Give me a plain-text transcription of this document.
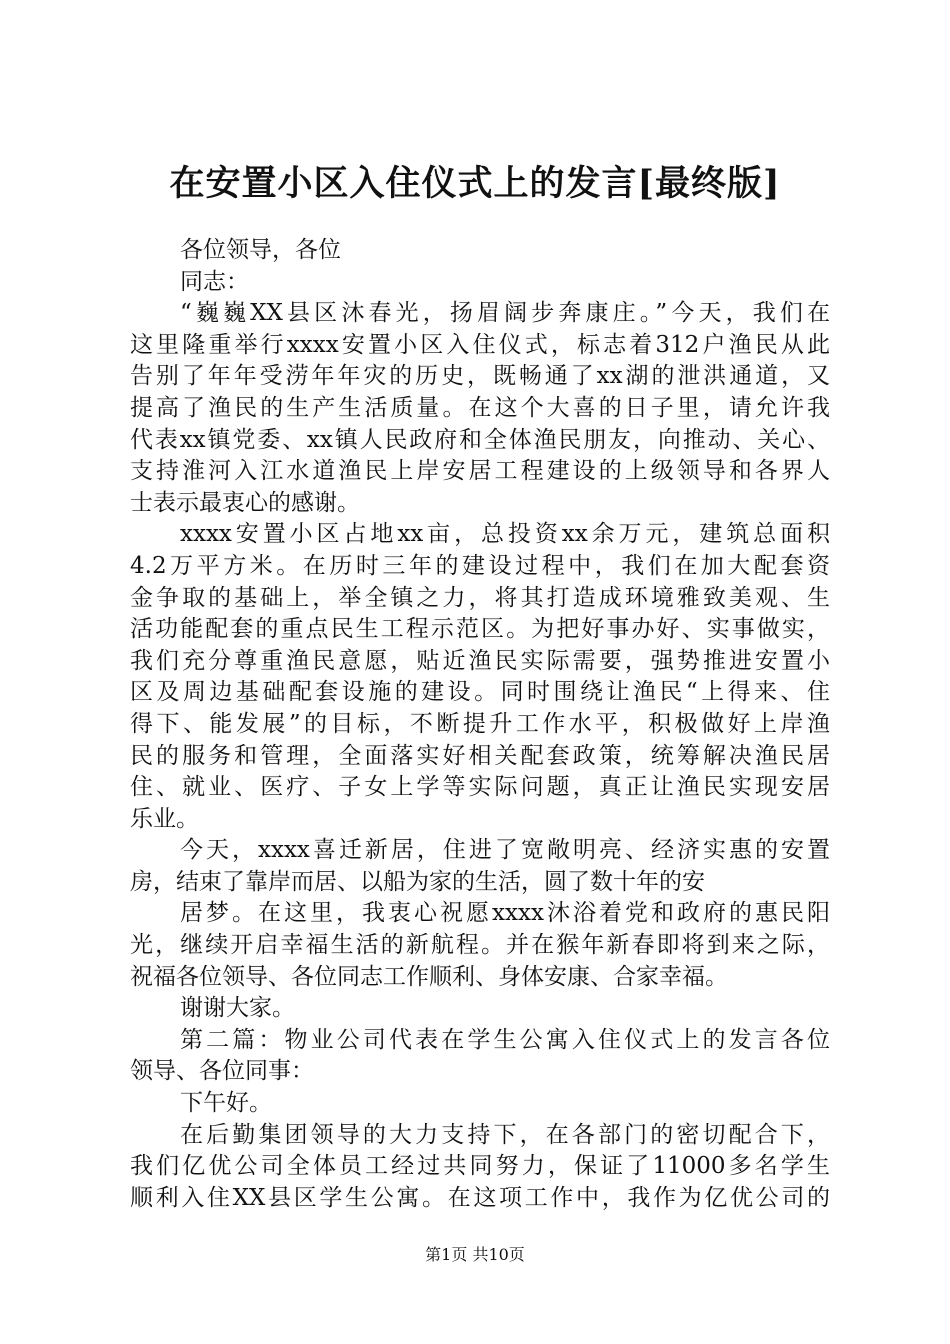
在安置小区入住仪式上的发言[最终版]
各位领导，各位
同志：
“巍巍XX县区沐春光，扬眉阔步奔康庄。”今天，我们在
这里隆重举行xxxx安置小区入住仪式，标志着312户渔民从此
告别了年年受涝年年灾的历史，既畅通了xx湖的泄洪通道，又
提高了渔民的生产生活质量。在这个大喜的日子里，请允许我
代表xx镇党委、xx镇人民政府和全体渔民朋友，向推动、关心、
支持淮河入江水道渔民上岸安居工程建设的上级领导和各界人
士表示最衷心的感谢。
xxxx安置小区占地xx亩，总投资xx余万元，建筑总面积
4.2万平方米。在历时三年的建设过程中，我们在加大配套资
金争取的基础上，举全镇之力，将其打造成环境雅致美观、生
活功能配套的重点民生工程示范区。为把好事办好、实事做实，
我们充分尊重渔民意愿，贴近渔民实际需要，强势推进安置小
区及周边基础配套设施的建设。同时围绕让渔民“上得来、住
得下、能发展”的目标，不断提升工作水平，积极做好上岸渔
民的服务和管理，全面落实好相关配套政策，统筹解决渔民居
住、就业、医疗、子女上学等实际问题，真正让渔民实现安居
乐业。
今天，xxxx喜迁新居，住进了宽敞明亮、经济实惠的安置
房，结束了靠岸而居、以船为家的生活，圆了数十年的安
居梦。在这里，我衷心祝愿xxxx沐浴着党和政府的惠民阳
光，继续开启幸福生活的新航程。并在猴年新春即将到来之际，
祝福各位领导、各位同志工作顺利、身体安康、合家幸福。
谢谢大家。
第二篇：物业公司代表在学生公寓入住仪式上的发言各位
领导、各位同事：
下午好。
在后勤集团领导的大力支持下，在各部门的密切配合下，
我们亿优公司全体员工经过共同努力，保证了11000多名学生
顺利入住XX县区学生公寓。在这项工作中，我作为亿优公司的
第1页 共10页
